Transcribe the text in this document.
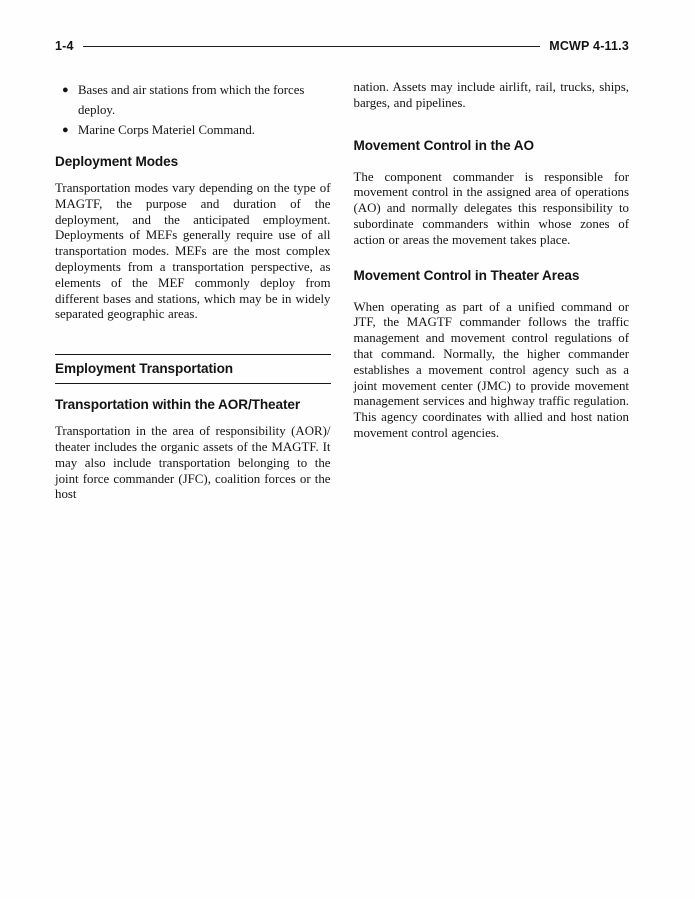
1-4	MCWP 4-11.3
● Bases and air stations from which the forces deploy.
● Marine Corps Materiel Command.
Deployment Modes

Transportation modes vary depending on the type of MAGTF, the purpose and duration of the deployment, and the anticipated employment. Deployments of MEFs generally require use of all transportation modes. MEFs are the most complex deployments from a transportation perspective, as elements of the MEF commonly deploy from different bases and stations, which may be in widely separated geographic areas.

Employment Transportation
Transportation within the AOR/Theater

Transportation in the area of responsibility (AOR)/ theater includes the organic assets of the MAGTF. It may also include transportation belonging to the joint force commander (JFC), coalition forces or the host

nation. Assets may include airlift, rail, trucks, ships, barges, and pipelines.

Movement Control in the AO

The component commander is responsible for movement control in the assigned area of operations (AO) and normally delegates this responsibility to subordinate commanders within whose zones of action or areas the movement takes place.

Movement Control in Theater Areas

When operating as part of a unified command or JTF, the MAGTF commander follows the traffic management and movement control regulations of that command. Normally, the higher commander establishes a movement control agency such as a joint movement center (JMC) to provide movement management services and highway traffic regulation. This agency coordinates with allied and host nation movement control agencies.
